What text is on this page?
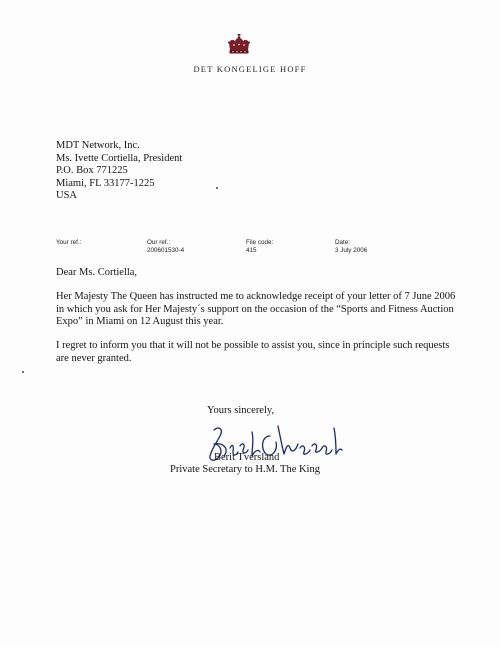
DET KONGELIGE HOFF
MDT Network, Inc.
Ms. Ivette Cortiella, President
P.O. Box 771225
Miami, FL 33177-1225
USA
Your ref.:	Our ref.:
200601530-4
File code:
415
Date:
3 July 2006
Dear Ms. Cortiella,
Her Majesty The Queen has instructed me to acknowledge receipt of your letter of 7 June 2006 in which you ask for Her Majesty´s support on the occasion of the “Sports and Fitness Auction Expo” in Miami on 12 August this year.
I regret to inform you that it will not be possible to assist you, since in principle such requests are never granted.
Yours sincerely,
Berit Tversland
Private Secretary to H.M. The King
